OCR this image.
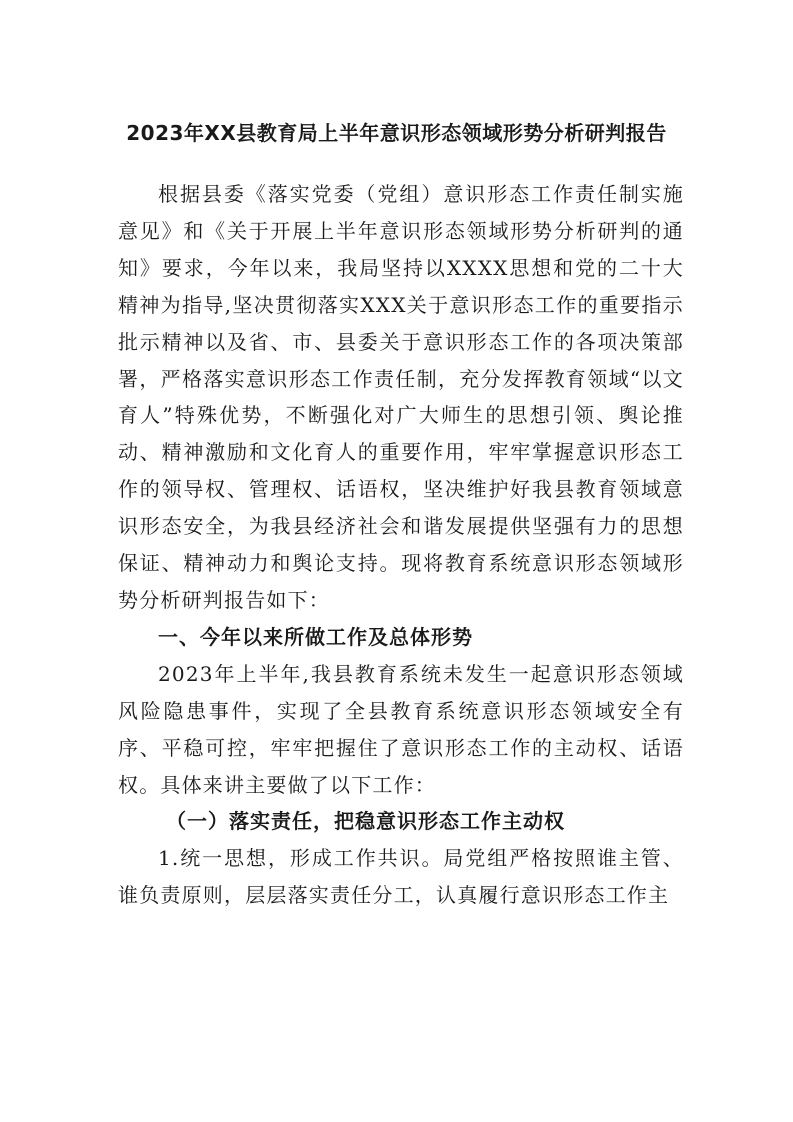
2023年XX县教育局上半年意识形态领域形势分析研判报告

根据县委《落实党委（党组）意识形态工作责任制实施意见》和《关于开展上半年意识形态领域形势分析研判的通知》要求，今年以来，我局坚持以XXXX思想和党的二十大精神为指导,坚决贯彻落实XXX关于意识形态工作的重要指示批示精神以及省、市、县委关于意识形态工作的各项决策部署，严格落实意识形态工作责任制，充分发挥教育领域“以文育人”特殊优势，不断强化对广大师生的思想引领、舆论推动、精神激励和文化育人的重要作用，牢牢掌握意识形态工作的领导权、管理权、话语权，坚决维护好我县教育领域意识形态安全，为我县经济社会和谐发展提供坚强有力的思想保证、精神动力和舆论支持。现将教育系统意识形态领域形势分析研判报告如下：

一、今年以来所做工作及总体形势

2023年上半年,我县教育系统未发生一起意识形态领域风险隐患事件，实现了全县教育系统意识形态领域安全有序、平稳可控，牢牢把握住了意识形态工作的主动权、话语权。具体来讲主要做了以下工作：

（一）落实责任，把稳意识形态工作主动权

1.统一思想，形成工作共识。局党组严格按照谁主管、谁负责原则，层层落实责任分工，认真履行意识形态工作主
